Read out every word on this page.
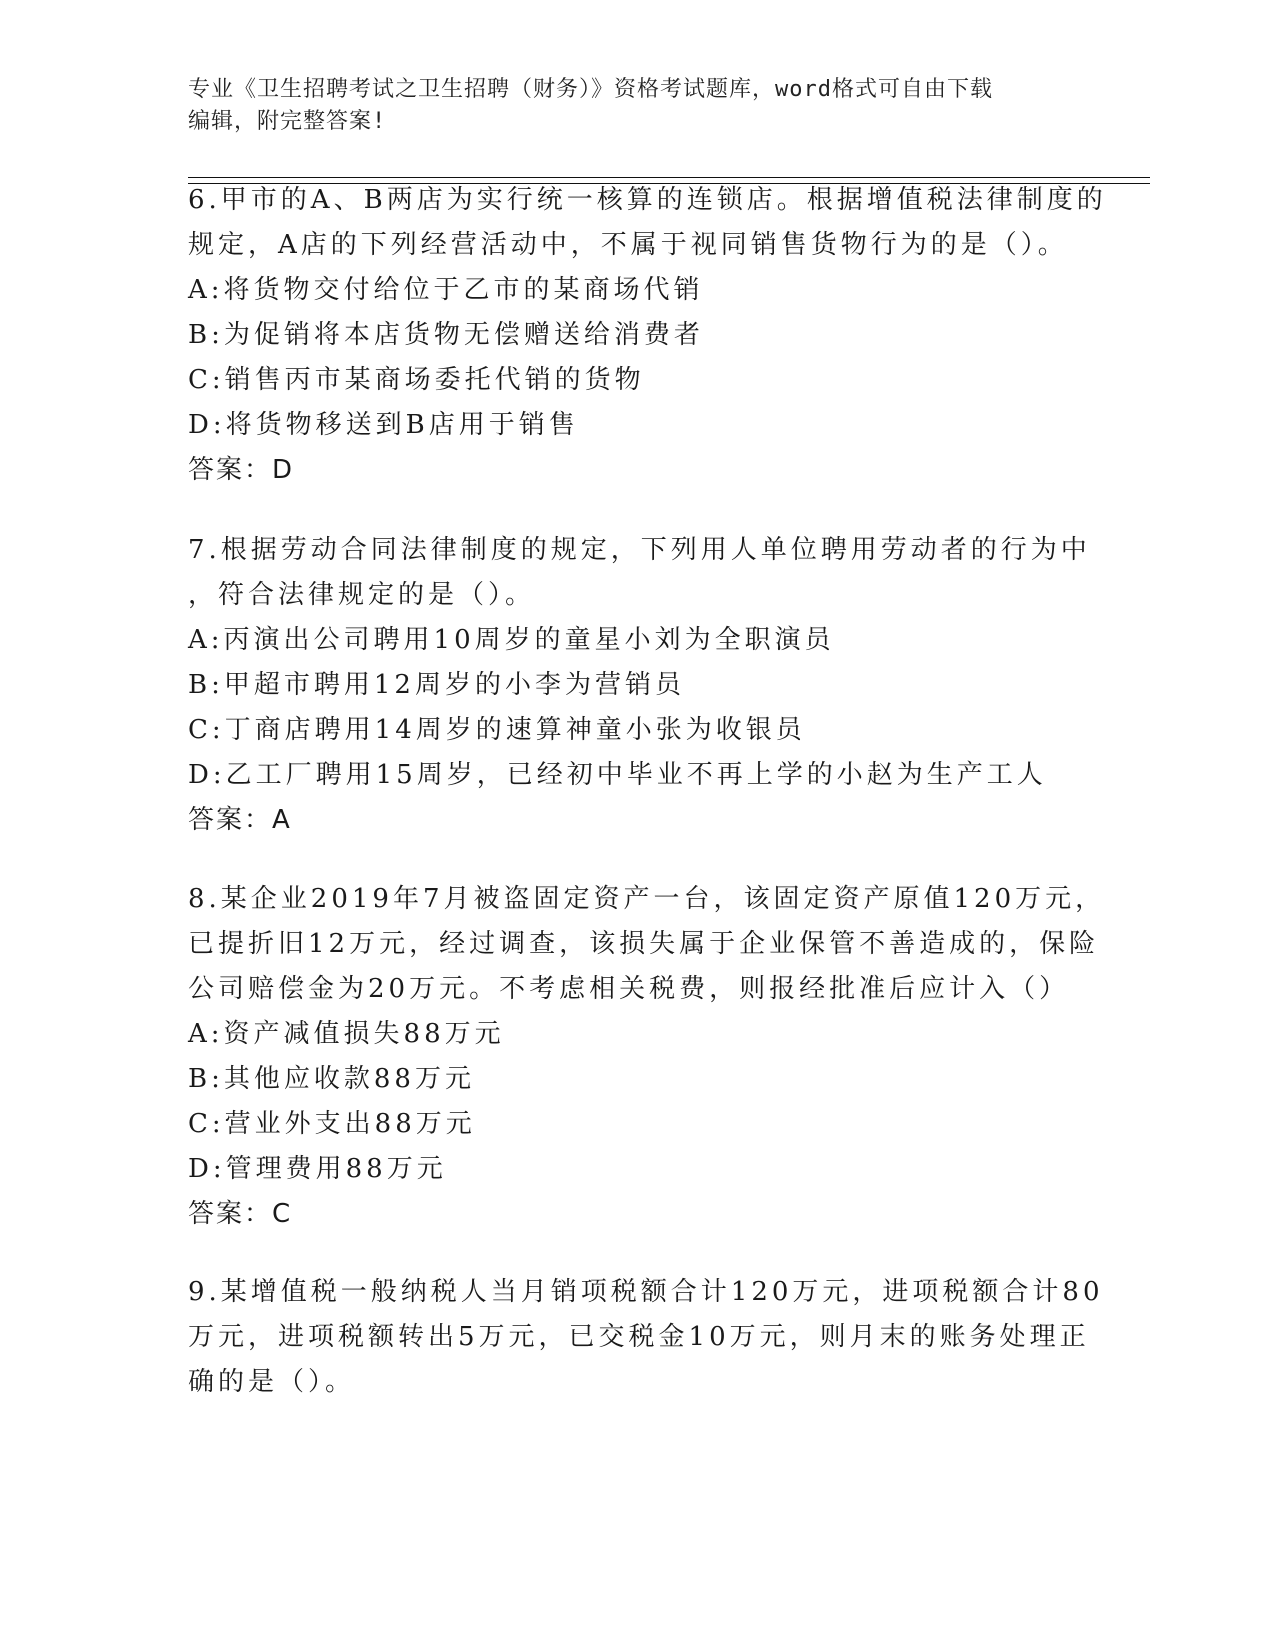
专业《卫生招聘考试之卫生招聘（财务）》资格考试题库，word格式可自由下载
编辑，附完整答案!
6.甲市的A、B两店为实行统一核算的连锁店。根据增值税法律制度的
规定，A店的下列经营活动中，不属于视同销售货物行为的是（）。
A:将货物交付给位于乙市的某商场代销
B:为促销将本店货物无偿赠送给消费者
C:销售丙市某商场委托代销的货物
D:将货物移送到B店用于销售
答案：D
7.根据劳动合同法律制度的规定，下列用人单位聘用劳动者的行为中
，符合法律规定的是（）。
A:丙演出公司聘用10周岁的童星小刘为全职演员
B:甲超市聘用12周岁的小李为营销员
C:丁商店聘用14周岁的速算神童小张为收银员
D:乙工厂聘用15周岁，已经初中毕业不再上学的小赵为生产工人
答案：A
8.某企业2019年7月被盗固定资产一台，该固定资产原值120万元，
已提折旧12万元，经过调查，该损失属于企业保管不善造成的，保险
公司赔偿金为20万元。不考虑相关税费，则报经批准后应计入（）
A:资产减值损失88万元
B:其他应收款88万元
C:营业外支出88万元
D:管理费用88万元
答案：C
9.某增值税一般纳税人当月销项税额合计120万元，进项税额合计80
万元，进项税额转出5万元，已交税金10万元，则月末的账务处理正
确的是（）。
